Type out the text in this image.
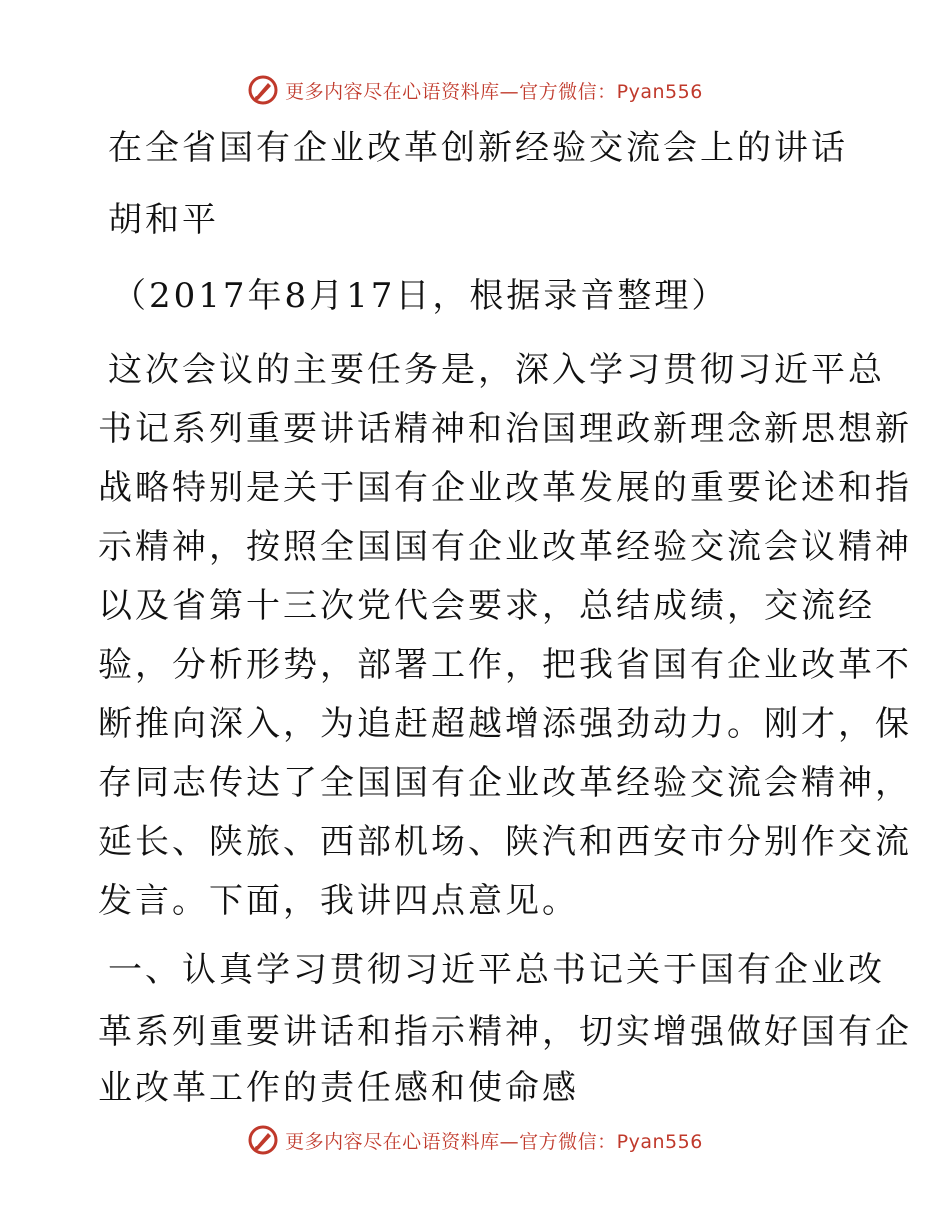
更多内容尽在心语资料库—官方微信：Pyan556
在全省国有企业改革创新经验交流会上的讲话
胡和平
（2017年8月17日，根据录音整理）
这次会议的主要任务是，深入学习贯彻习近平总
书记系列重要讲话精神和治国理政新理念新思想新
战略特别是关于国有企业改革发展的重要论述和指
示精神，按照全国国有企业改革经验交流会议精神
以及省第十三次党代会要求，总结成绩，交流经
验，分析形势，部署工作，把我省国有企业改革不
断推向深入，为追赶超越增添强劲动力。刚才，保
存同志传达了全国国有企业改革经验交流会精神，
延长、陕旅、西部机场、陕汽和西安市分别作交流
发言。下面，我讲四点意见。
一、认真学习贯彻习近平总书记关于国有企业改
革系列重要讲话和指示精神，切实增强做好国有企
业改革工作的责任感和使命感
更多内容尽在心语资料库—官方微信：Pyan556
